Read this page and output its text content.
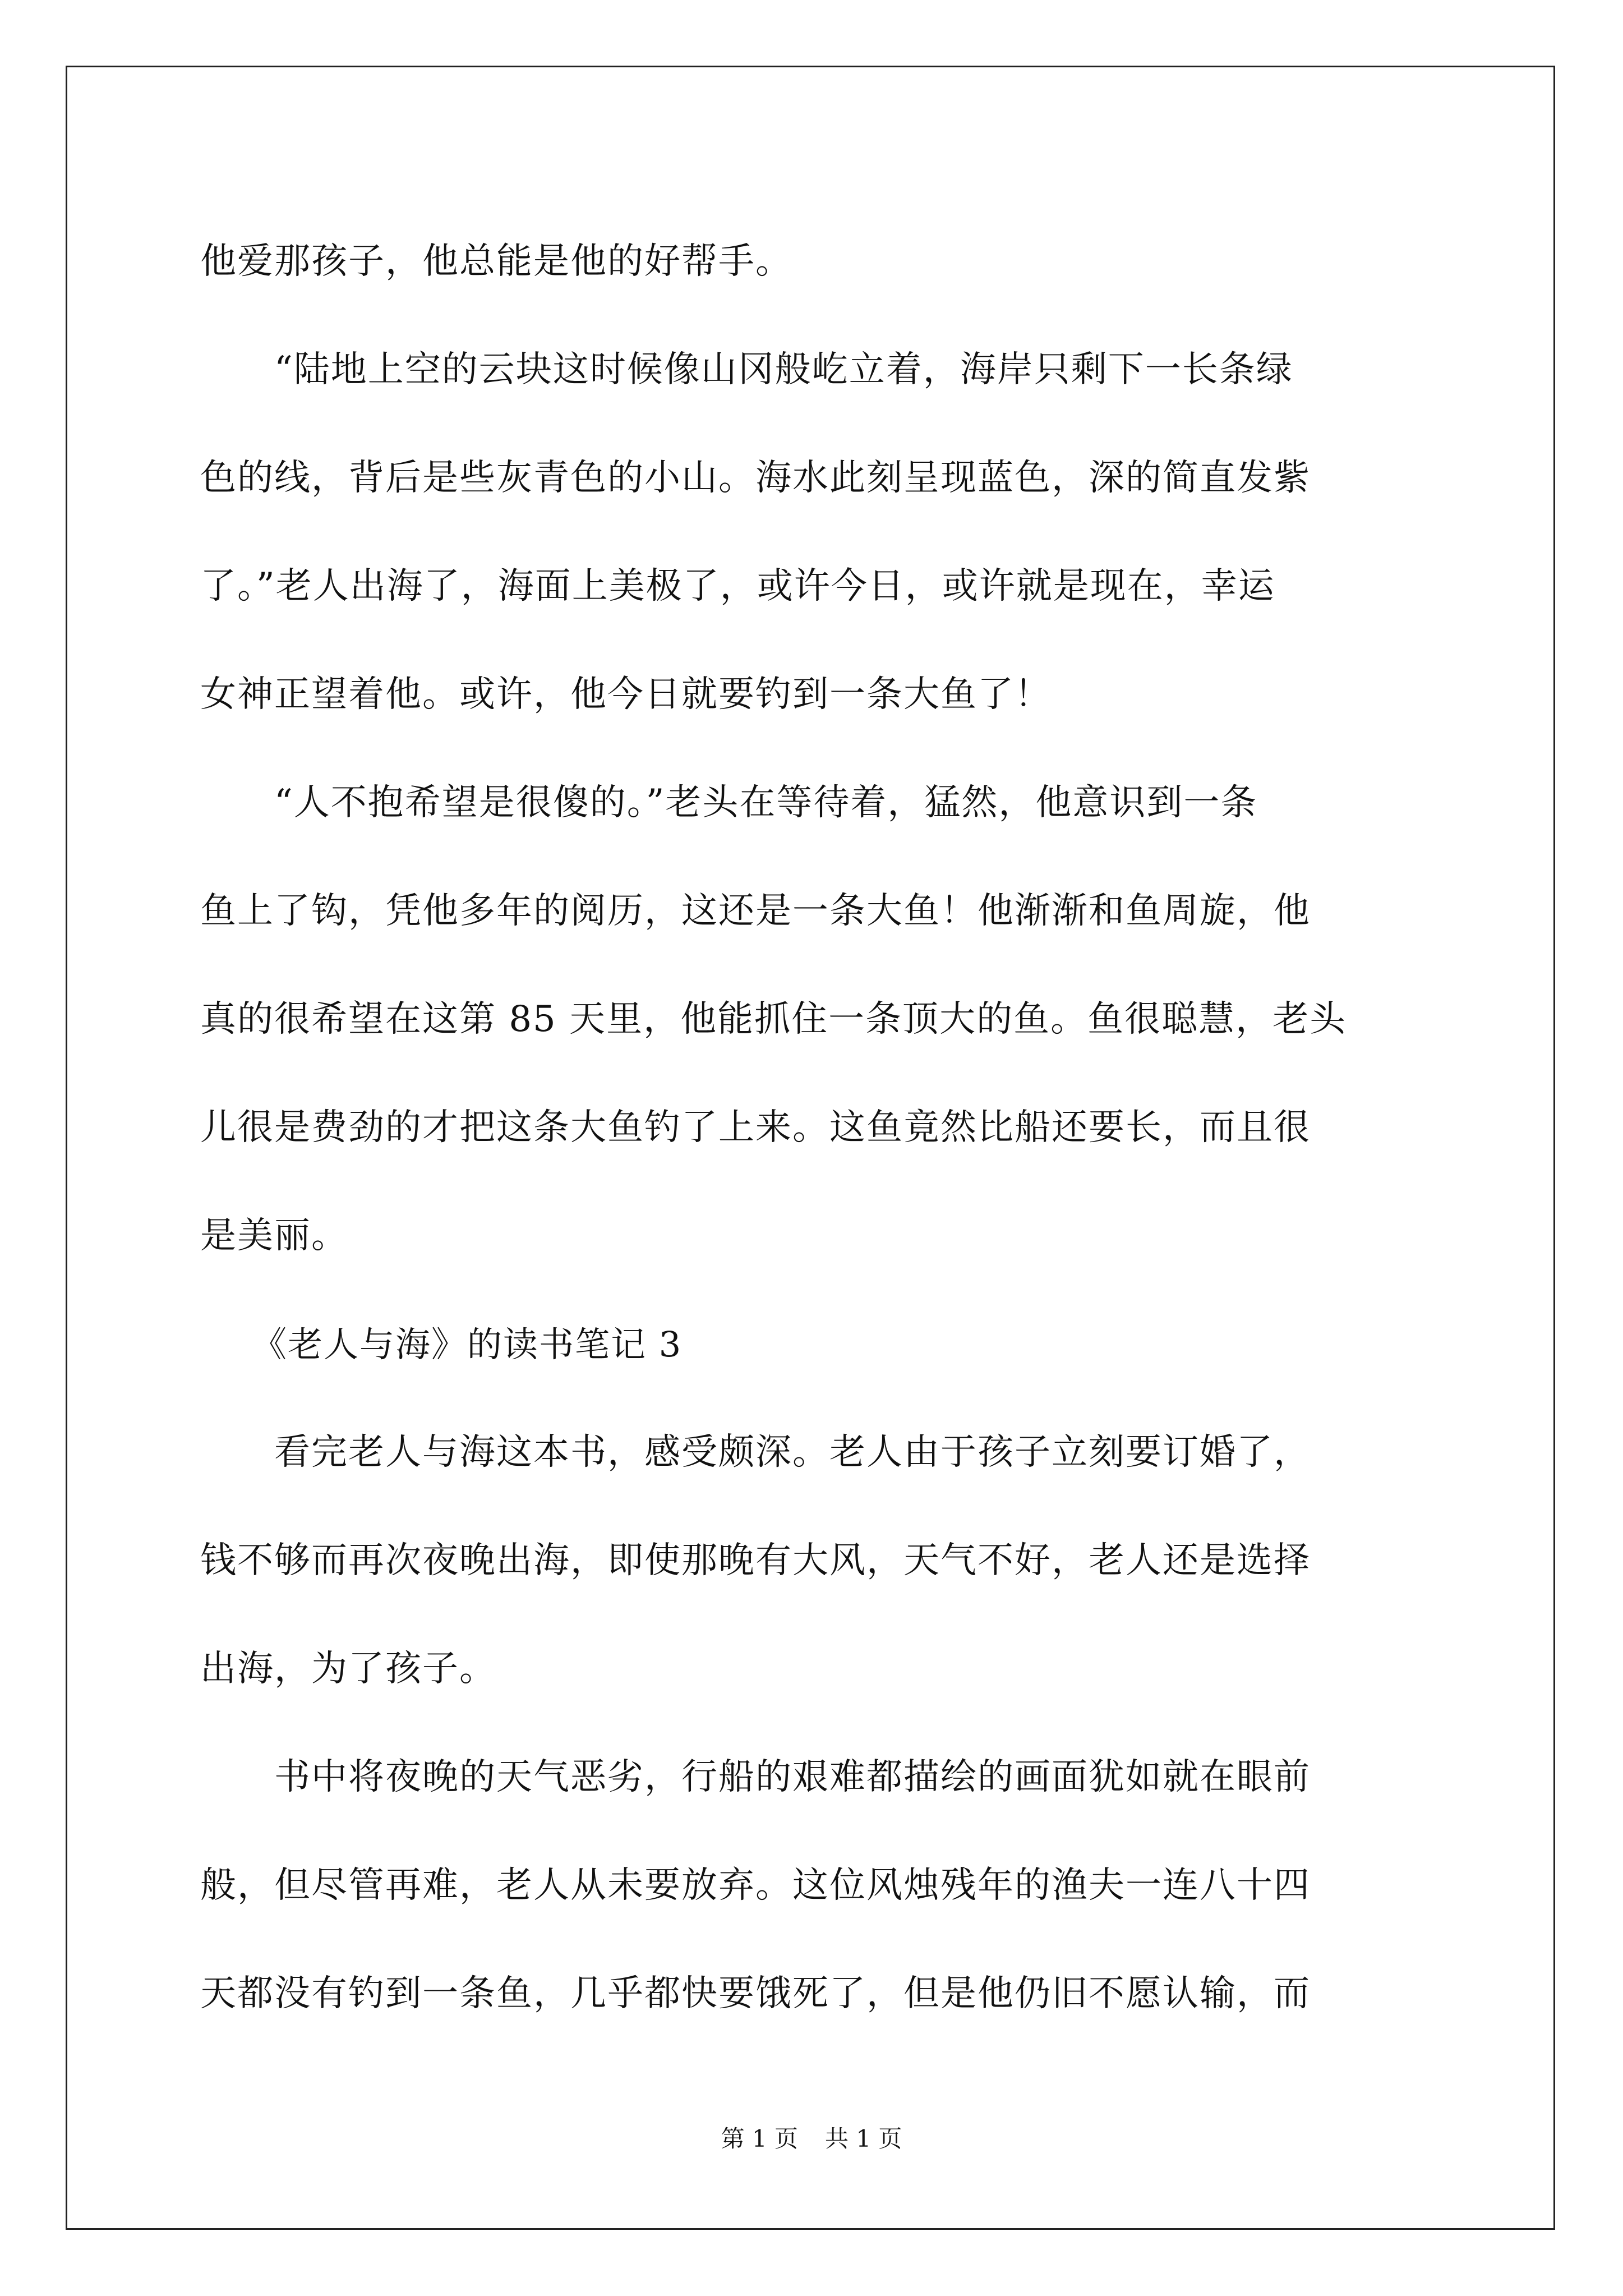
他爱那孩子，他总能是他的好帮手。

“陆地上空的云块这时候像山冈般屹立着，海岸只剩下一长条绿

色的线，背后是些灰青色的小山。海水此刻呈现蓝色，深的简直发紫

了。”老人出海了，海面上美极了，或许今日，或许就是现在，幸运

女神正望着他。或许，他今日就要钓到一条大鱼了！

“人不抱希望是很傻的。”老头在等待着，猛然，他意识到一条

鱼上了钩，凭他多年的阅历，这还是一条大鱼！他渐渐和鱼周旋，他

真的很希望在这第 85 天里，他能抓住一条顶大的鱼。鱼很聪慧，老头

儿很是费劲的才把这条大鱼钓了上来。这鱼竟然比船还要长，而且很

是美丽。

《老人与海》的读书笔记 3

看完老人与海这本书，感受颇深。老人由于孩子立刻要订婚了，

钱不够而再次夜晚出海，即使那晚有大风，天气不好，老人还是选择

出海，为了孩子。

书中将夜晚的天气恶劣，行船的艰难都描绘的画面犹如就在眼前

般，但尽管再难，老人从未要放弃。这位风烛残年的渔夫一连八十四

天都没有钓到一条鱼，几乎都快要饿死了，但是他仍旧不愿认输，而

第 1 页 共 1 页
